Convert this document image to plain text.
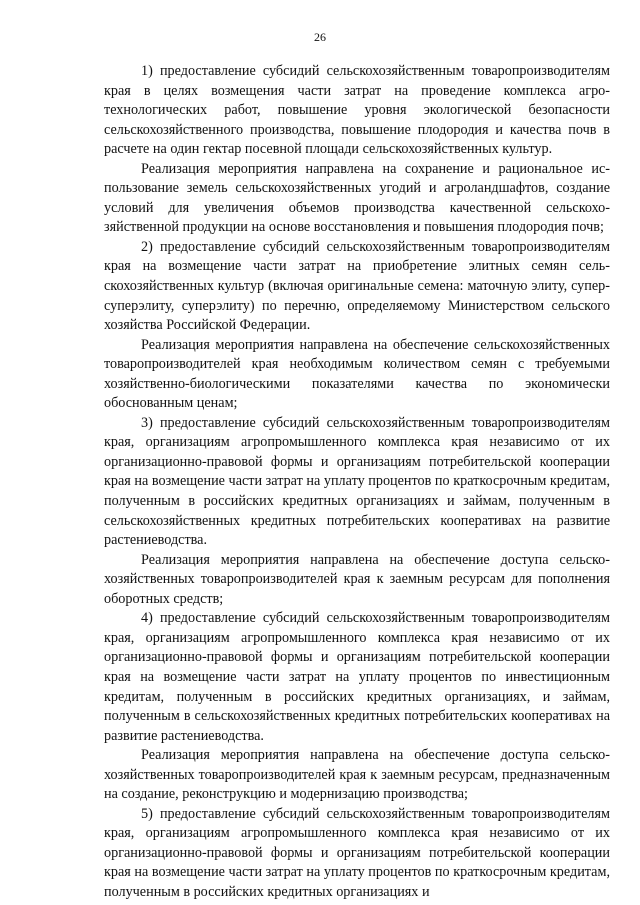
26

1) предоставление субсидий сельскохозяйственным товаропроизводителям края в целях возмещения части затрат на проведение комплекса агротехнологических работ, повышение уровня экологической безопасности сельскохозяйственного производства, повышение плодородия и качества почв в расчете на один гектар посевной площади сельскохозяйственных культур.

Реализация мероприятия направлена на сохранение и рациональное использование земель сельскохозяйственных угодий и агроландшафтов, создание условий для увеличения объемов производства качественной сельскохозяйственной продукции на основе восстановления и повышения плодородия почв;

2) предоставление субсидий сельскохозяйственным товаропроизводителям края на возмещение части затрат на приобретение элитных семян сельскохозяйственных культур (включая оригинальные семена: маточную элиту, супер-суперэлиту, суперэлиту) по перечню, определяемому Министерством сельского хозяйства Российской Федерации.

Реализация мероприятия направлена на обеспечение сельскохозяйственных товаропроизводителей края необходимым количеством семян с требуемыми хозяйственно-биологическими показателями качества по экономически обоснованным ценам;

3) предоставление субсидий сельскохозяйственным товаропроизводителям края, организациям агропромышленного комплекса края независимо от их организационно-правовой формы и организациям потребительской кооперации края на возмещение части затрат на уплату процентов по краткосрочным кредитам, полученным в российских кредитных организациях и займам, полученным в сельскохозяйственных кредитных потребительских кооперативах на развитие растениеводства.

Реализация мероприятия направлена на обеспечение доступа сельскохозяйственных товаропроизводителей края к заемным ресурсам для пополнения оборотных средств;

4) предоставление субсидий сельскохозяйственным товаропроизводителям края, организациям агропромышленного комплекса края независимо от их организационно-правовой формы и организациям потребительской кооперации края на возмещение части затрат на уплату процентов по инвестиционным кредитам, полученным в российских кредитных организациях, и займам, полученным в сельскохозяйственных кредитных потребительских кооперативах на развитие растениеводства.

Реализация мероприятия направлена на обеспечение доступа сельскохозяйственных товаропроизводителей края к заемным ресурсам, предназначенным на создание, реконструкцию и модернизацию производства;

5) предоставление субсидий сельскохозяйственным товаропроизводителям края, организациям агропромышленного комплекса края независимо от их организационно-правовой формы и организациям потребительской кооперации края на возмещение части затрат на уплату процентов по краткосрочным кредитам, полученным в российских кредитных организациях и
